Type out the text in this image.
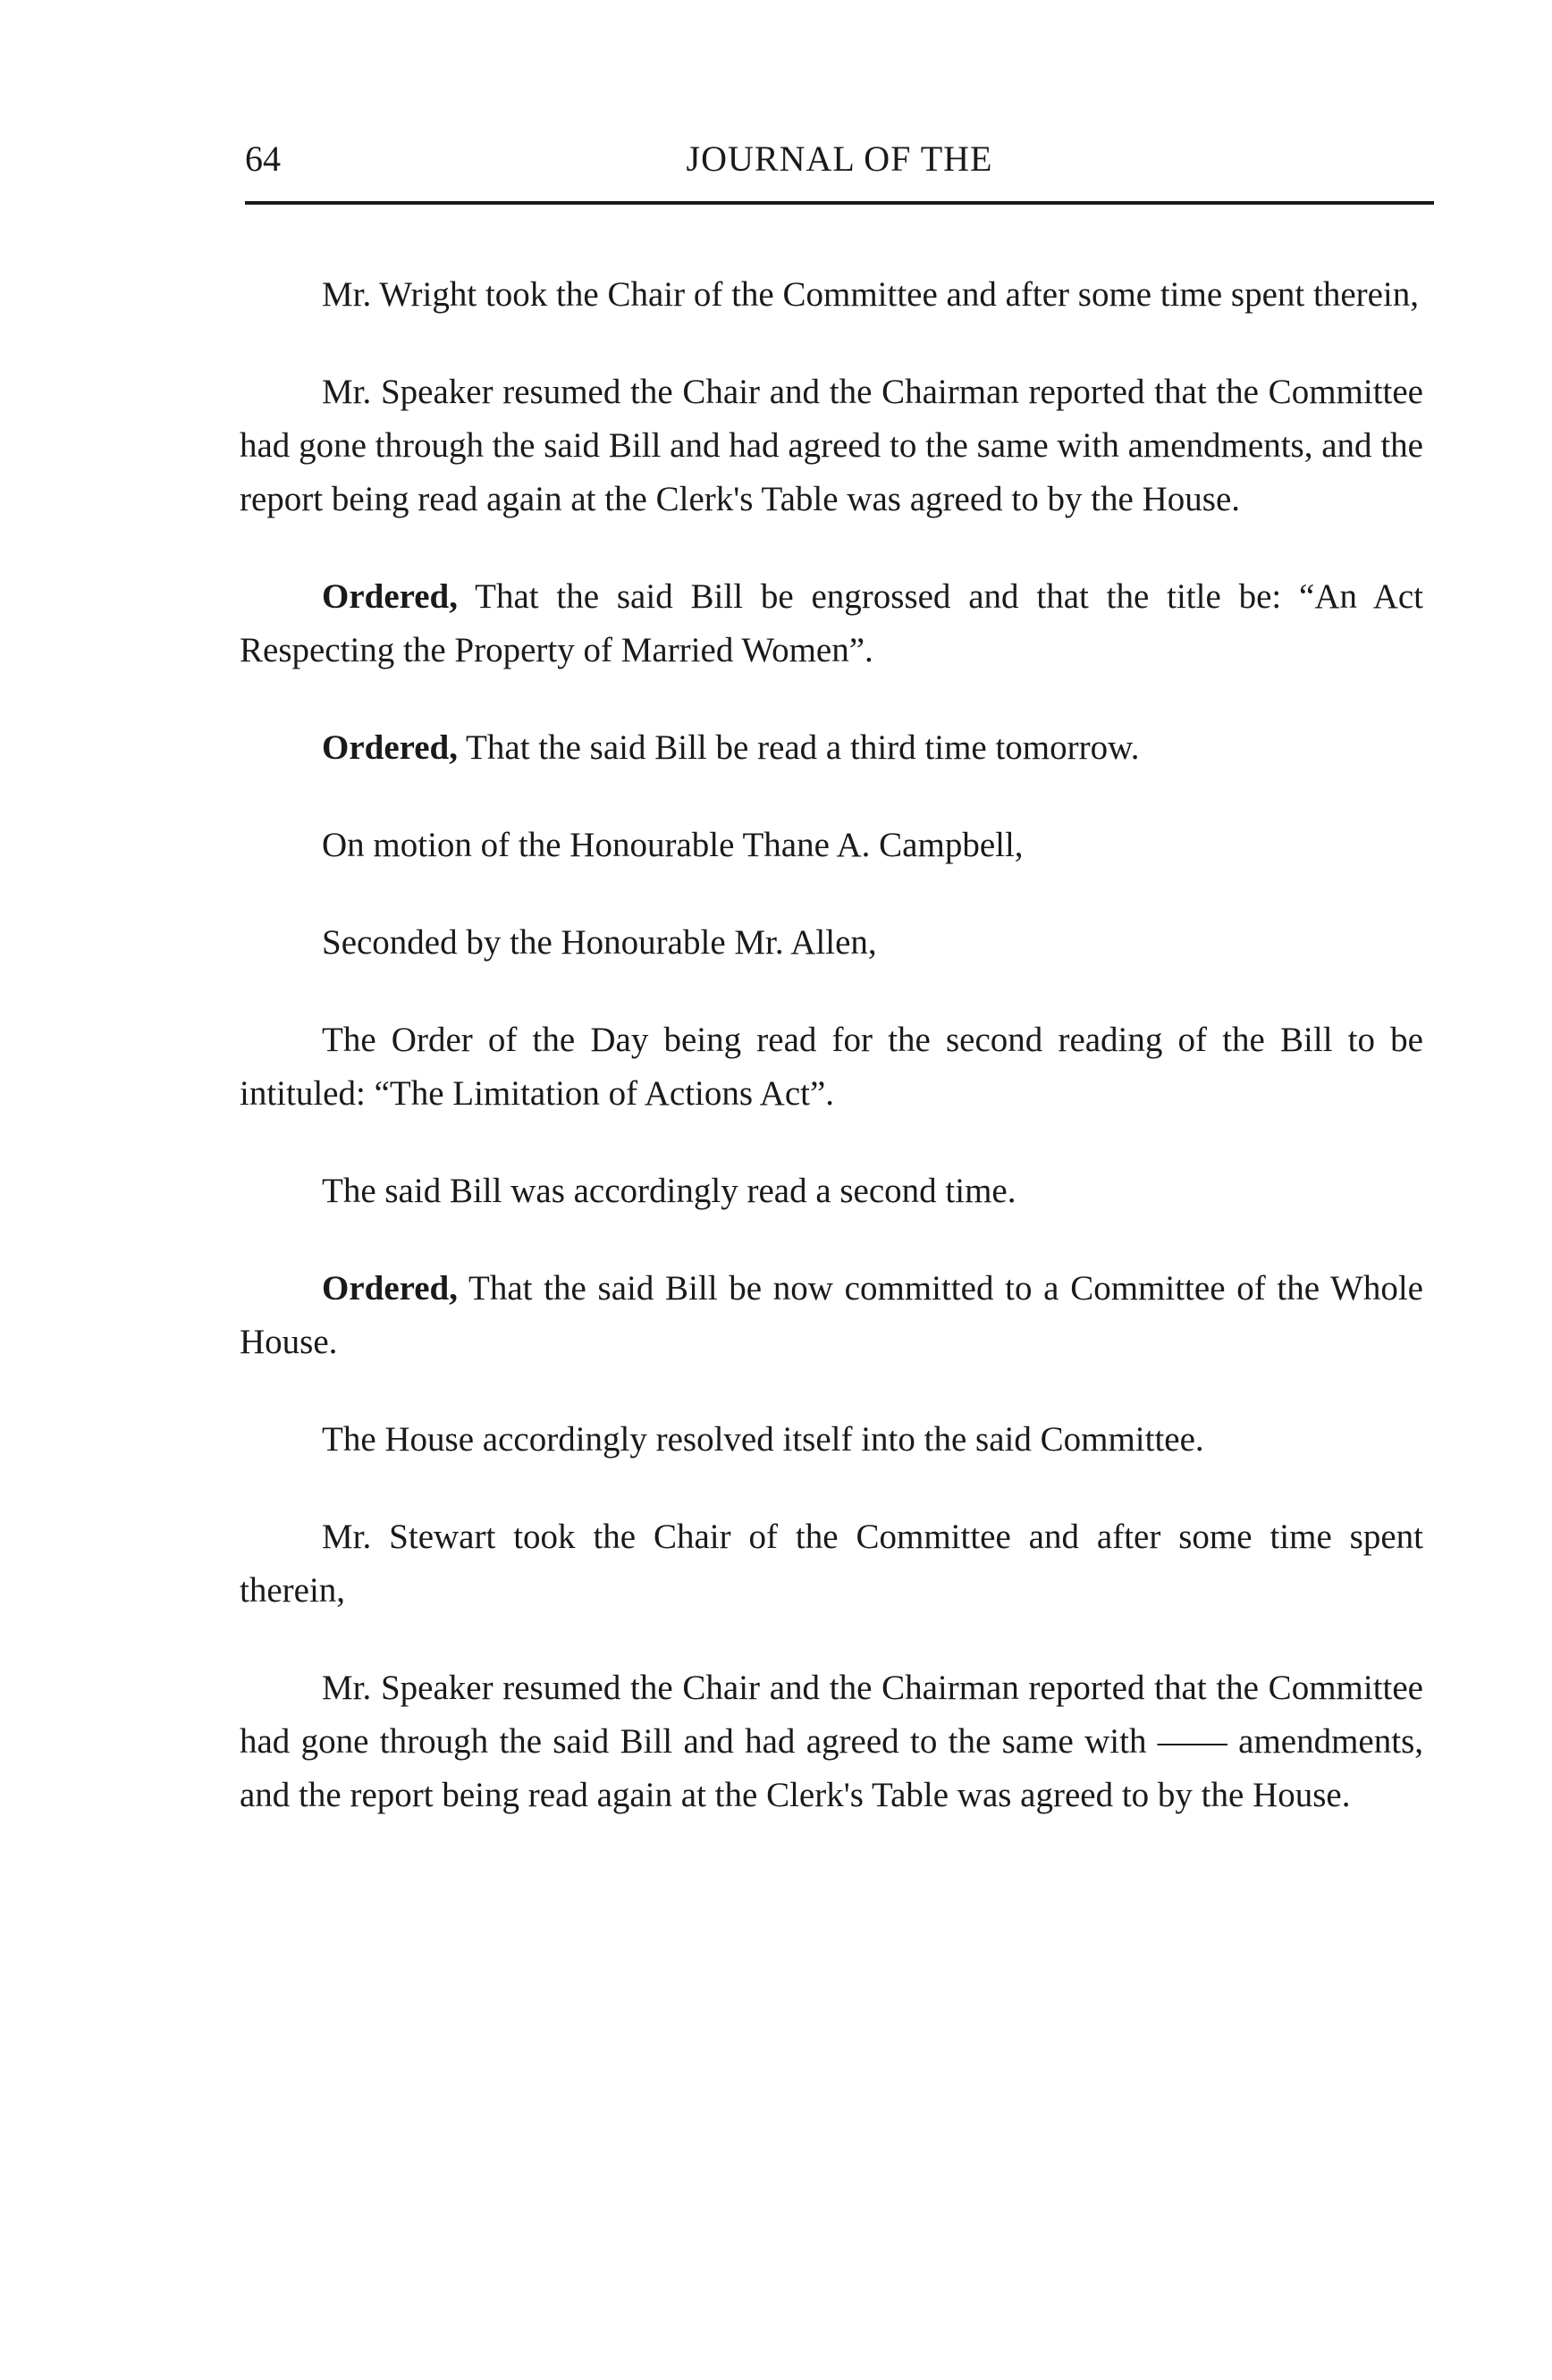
64	JOURNAL OF THE

Mr. Wright took the Chair of the Committee and after some time spent therein,

Mr. Speaker resumed the Chair and the Chairman reported that the Committee had gone through the said Bill and had agreed to the same with amendments, and the report being read again at the Clerk's Table was agreed to by the House.

Ordered, That the said Bill be engrossed and that the title be: “An Act Respecting the Property of Married Women”.

Ordered, That the said Bill be read a third time tomorrow.

On motion of the Honourable Thane A. Campbell,

Seconded by the Honourable Mr. Allen,

The Order of the Day being read for the second reading of the Bill to be intituled: “The Limitation of Actions Act”.

The said Bill was accordingly read a second time.

Ordered, That the said Bill be now committed to a Committee of the Whole House.

The House accordingly resolved itself into the said Committee.

Mr. Stewart took the Chair of the Committee and after some time spent therein,

Mr. Speaker resumed the Chair and the Chairman reported that the Committee had gone through the said Bill and had agreed to the same with —— amendments, and the report being read again at the Clerk's Table was agreed to by the House.
